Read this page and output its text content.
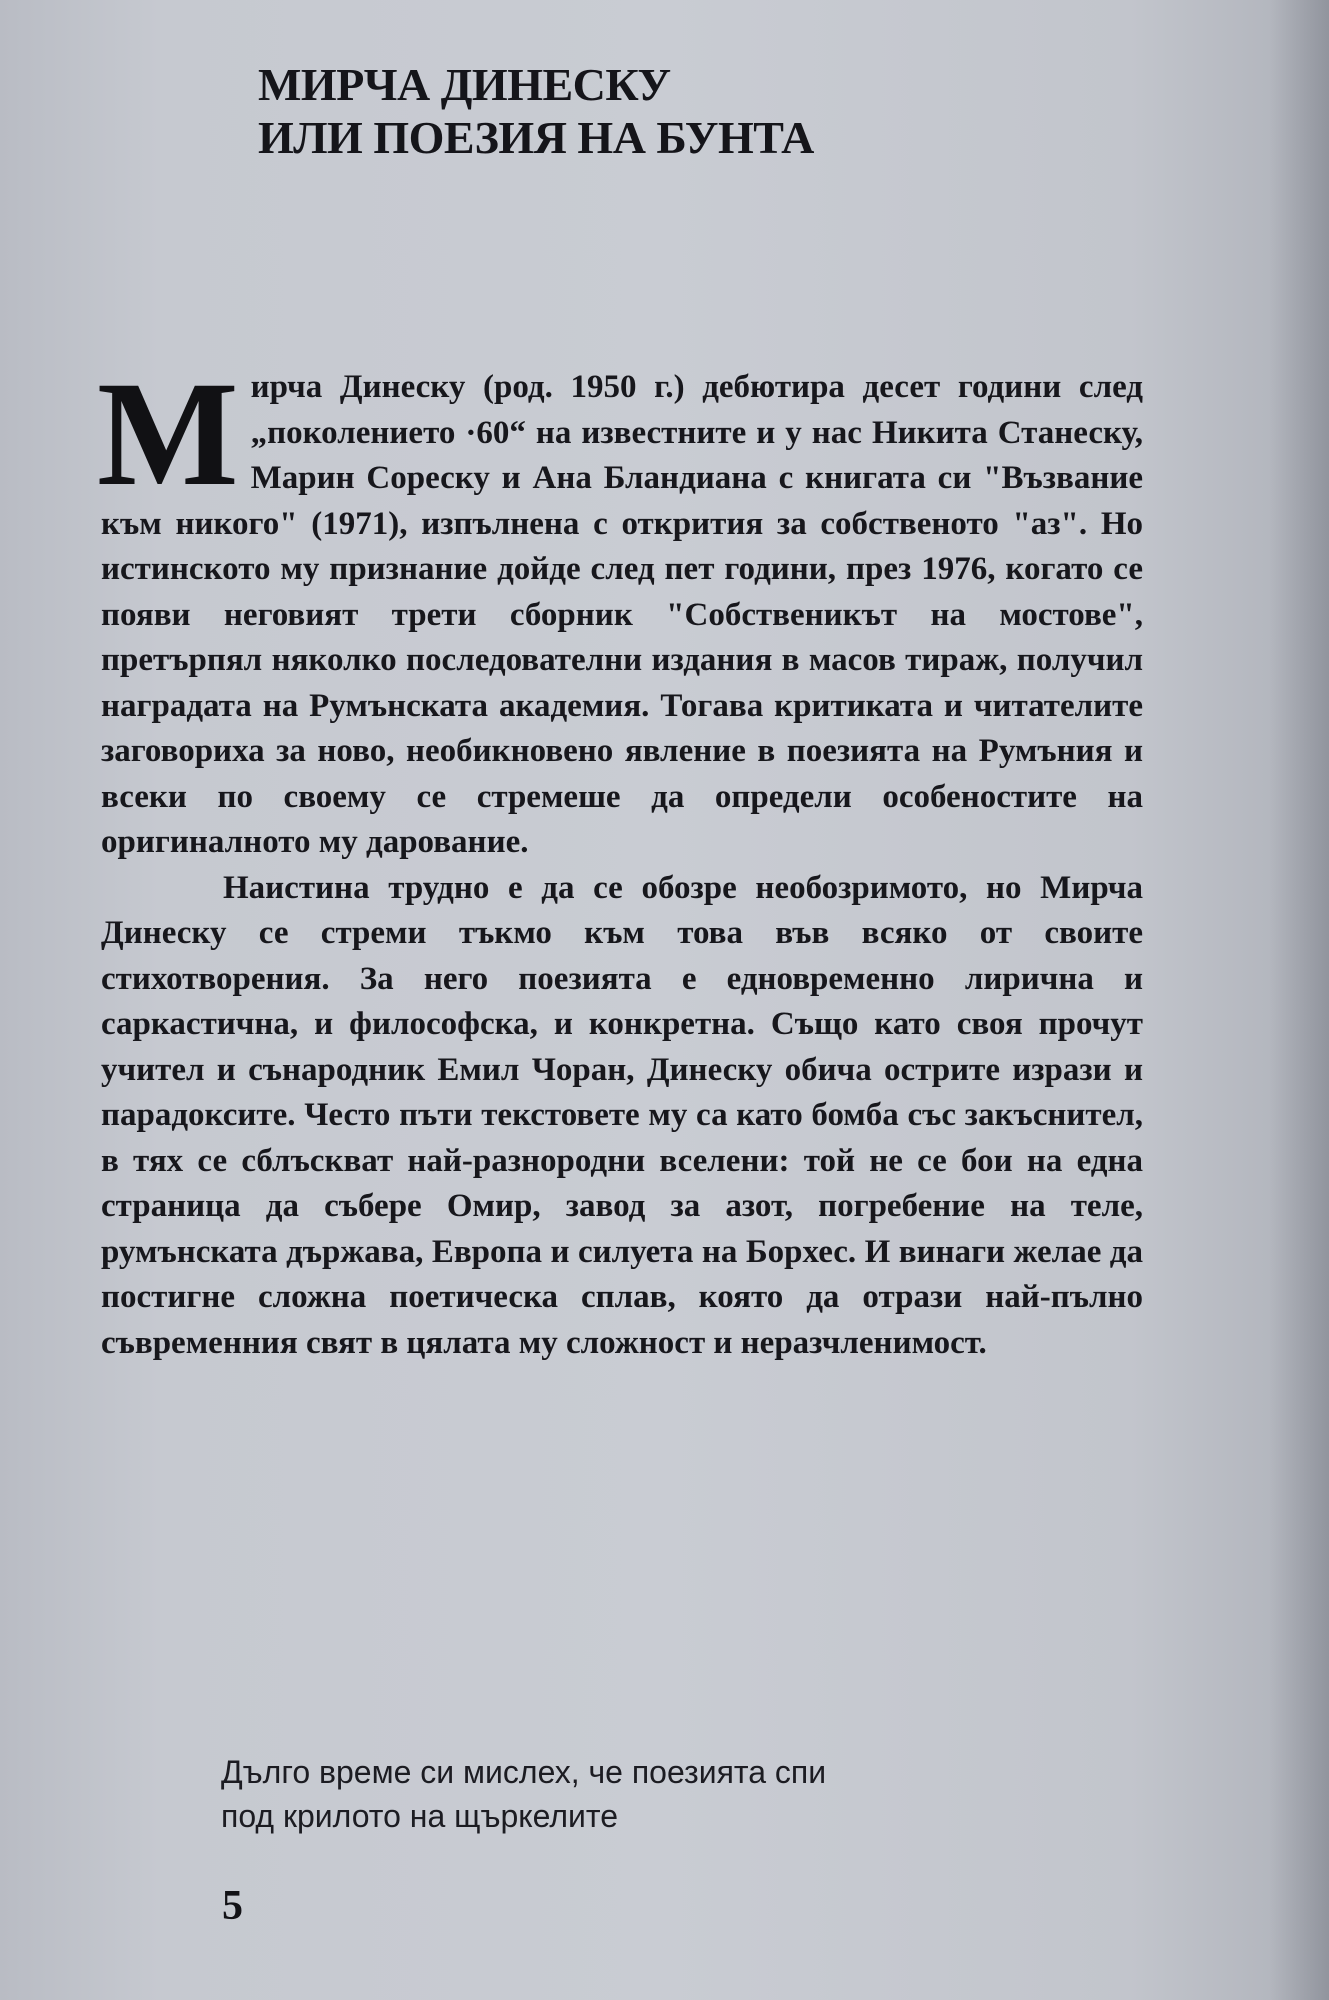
МИРЧА ДИНЕСКУ
ИЛИ ПОЕЗИЯ НА БУНТА

Мирча Динеску (род. 1950 г.) дебютира десет години след „поколението ·60“ на известните и у нас Никита Станеску, Марин Сореску и Ана Бландиана с книгата си "Възвание към никого" (1971), изпълнена с открития за собственото "аз". Но истинското му признание дойде след пет години, през 1976, когато се появи неговият трети сборник "Собственикът на мостове", претърпял няколко последователни издания в масов тираж, получил наградата на Румънската академия. Тогава критиката и читателите заговориха за ново, необикновено явление в поезията на Румъния и всеки по своему се стремеше да определи особеностите на оригиналното му дарование.

Наистина трудно е да се обозре необозримото, но Мирча Динеску се стреми тъкмо към това във всяко от своите стихотворения. За него поезията е едновременно лирична и саркастична, и философска, и конкретна. Също като своя прочут учител и сънародник Емил Чоран, Динеску обича острите изрази и парадоксите. Често пъти текстовете му са като бомба със закъснител, в тях се сблъскват най-разнородни вселени: той не се бои на една страница да събере Омир, завод за азот, погребение на теле, румънската държава, Европа и силуета на Борхес. И винаги желае да постигне сложна поетическа сплав, която да отрази най-пълно съвременния свят в цялата му сложност и неразчленимост.

Дълго време си мислех, че поезията спи
под крилото на щъркелите
5
